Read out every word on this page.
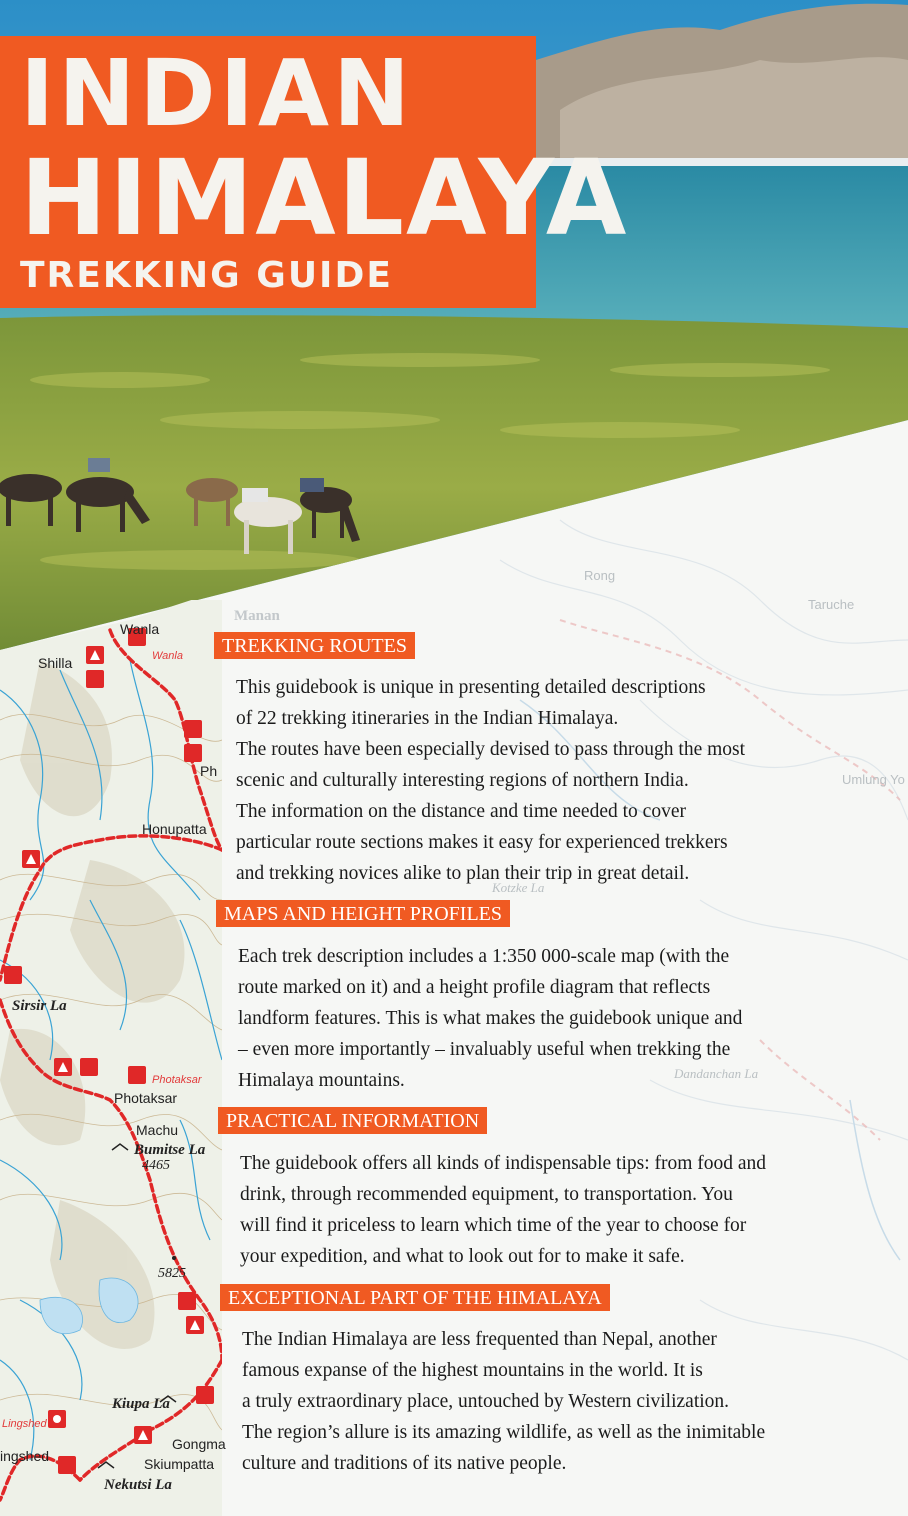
INDIAN
HIMALAYA
TREKKING GUIDE
Wanla
Wanla
Shilla
Ph
Honupatta
Sirsir La
Photaksar
Photaksar
Machu
Bumitse La
4465
5825
Kiupa La
Lingshed
ingshed
Gongma
Skiumpatta
Nekutsi La
Manan
Rong
Taruche
Umlung Yo
Kotzke La
Dandanchan La
TREKKING ROUTES
This guidebook is unique in presenting detailed descriptions
of 22 trekking itineraries in the Indian Himalaya.
The routes have been especially devised to pass through the most
scenic and culturally interesting regions of northern India.
The information on the distance and time needed to cover
particular route sections makes it easy for experienced trekkers
and trekking novices alike to plan their trip in great detail.
MAPS AND HEIGHT PROFILES
Each trek description includes a 1:350 000-scale map (with the
route marked on it) and a height profile diagram that reflects
landform features. This is what makes the guidebook unique and
– even more importantly – invaluably useful when trekking the
Himalaya mountains.
PRACTICAL INFORMATION
The guidebook offers all kinds of indispensable tips: from food and
drink, through recommended equipment, to transportation. You
will find it priceless to learn which time of the year to choose for
your expedition, and what to look out for to make it safe.
EXCEPTIONAL PART OF THE HIMALAYA
The Indian Himalaya are less frequented than Nepal, another
famous expanse of the highest mountains in the world. It is
a truly extraordinary place, untouched by Western civilization.
The region’s allure is its amazing wildlife, as well as the inimitable
culture and traditions of its native people.
